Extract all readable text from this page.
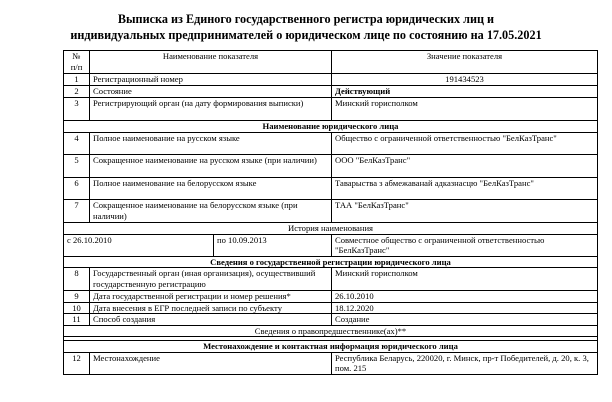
Выписка из Единого государственного регистра юридических лиц и
индивидуальных предпринимателей о юридическом лице по состоянию на 17.05.2021
№
п/п	Наименование показателя		Значение показателя
1	Регистрационный номер		191434523
2	Состояние		Действующий
3	Регистрирующий орган (на дату формирования выписки)		Минский горисполком
Наименование юридического лица			
4	Полное наименование на русском языке		Общество с ограниченной ответственностью "БелКазТранс"
5	Сокращенное наименование на русском языке (при наличии)		ООО "БелКазТранс"
6	Полное наименование на белорусском языке		Таварыства з абмежаванай адказнасцю "БелКазТранс"
7	Сокращенное наименование на белорусском языке (при наличии)		ТАА "БелКазТранс"
История наименования			
с 26.10.2010		по 10.09.2013	Совместное общество с ограниченной ответственностью "БелКазТранс"
Сведения о государственной регистрации юридического лица			
8	Государственный орган (иная организация), осуществивший государственную регистрацию		Минский горисполком
9	Дата государственной регистрации и номер решения*		26.10.2010
10	Дата внесения в ЕГР последней записи по субъекту		18.12.2020
11	Способ создания		Создание
Сведения о правопредшественнике(ах)**			

Местонахождение и контактная информация юридического лица			
12	Местонахождение		Республика Беларусь, 220020, г. Минск, пр-т Победителей, д. 20, к. 3, пом. 215
